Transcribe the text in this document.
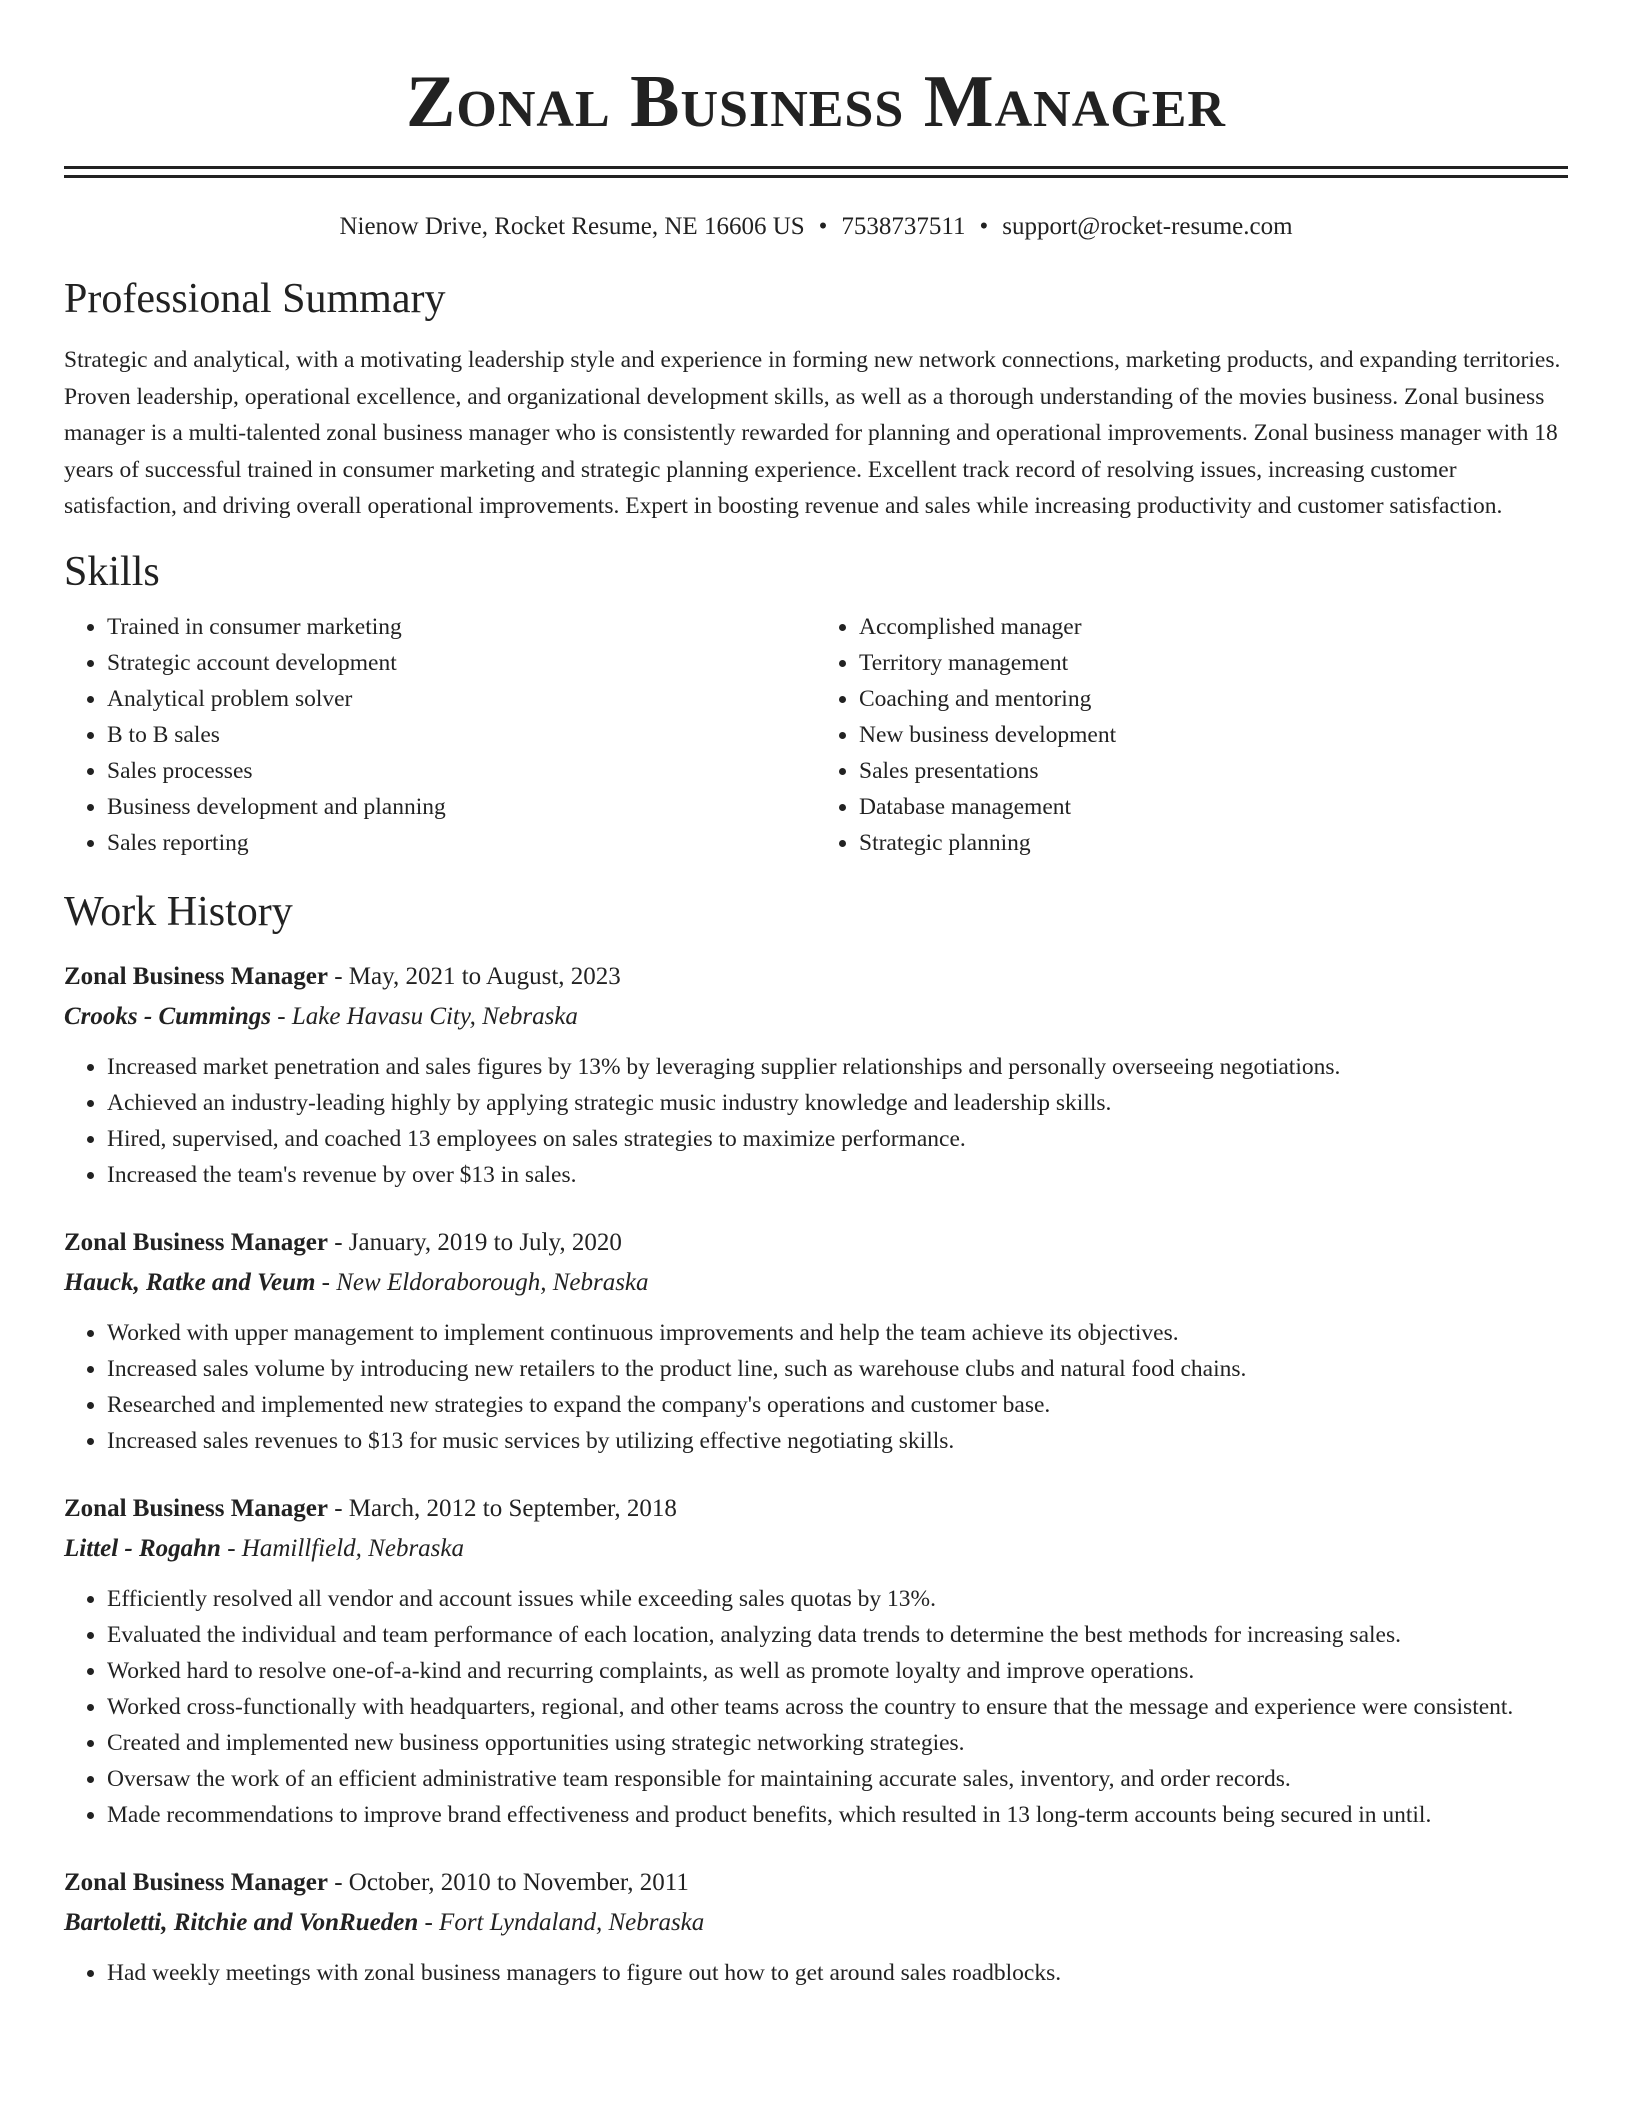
Zonal Business Manager
Nienow Drive, Rocket Resume, NE 16606 US • 7538737511 • support@rocket-resume.com
Professional Summary
Strategic and analytical, with a motivating leadership style and experience in forming new network connections, marketing products, and expanding territories. Proven leadership, operational excellence, and organizational development skills, as well as a thorough understanding of the movies business. Zonal business manager is a multi-talented zonal business manager who is consistently rewarded for planning and operational improvements. Zonal business manager with 18 years of successful trained in consumer marketing and strategic planning experience. Excellent track record of resolving issues, increasing customer satisfaction, and driving overall operational improvements. Expert in boosting revenue and sales while increasing productivity and customer satisfaction.
Skills
• Trained in consumer marketing
• Strategic account development
• Analytical problem solver
• B to B sales
• Sales processes
• Business development and planning
• Sales reporting
• Accomplished manager
• Territory management
• Coaching and mentoring
• New business development
• Sales presentations
• Database management
• Strategic planning
Work History
Zonal Business Manager - May, 2021 to August, 2023
Crooks - Cummings - Lake Havasu City, Nebraska
• Increased market penetration and sales figures by 13% by leveraging supplier relationships and personally overseeing negotiations.
• Achieved an industry-leading highly by applying strategic music industry knowledge and leadership skills.
• Hired, supervised, and coached 13 employees on sales strategies to maximize performance.
• Increased the team's revenue by over $13 in sales.
Zonal Business Manager - January, 2019 to July, 2020
Hauck, Ratke and Veum - New Eldoraborough, Nebraska
• Worked with upper management to implement continuous improvements and help the team achieve its objectives.
• Increased sales volume by introducing new retailers to the product line, such as warehouse clubs and natural food chains.
• Researched and implemented new strategies to expand the company's operations and customer base.
• Increased sales revenues to $13 for music services by utilizing effective negotiating skills.
Zonal Business Manager - March, 2012 to September, 2018
Littel - Rogahn - Hamillfield, Nebraska
• Efficiently resolved all vendor and account issues while exceeding sales quotas by 13%.
• Evaluated the individual and team performance of each location, analyzing data trends to determine the best methods for increasing sales.
• Worked hard to resolve one-of-a-kind and recurring complaints, as well as promote loyalty and improve operations.
• Worked cross-functionally with headquarters, regional, and other teams across the country to ensure that the message and experience were consistent.
• Created and implemented new business opportunities using strategic networking strategies.
• Oversaw the work of an efficient administrative team responsible for maintaining accurate sales, inventory, and order records.
• Made recommendations to improve brand effectiveness and product benefits, which resulted in 13 long-term accounts being secured in until.
Zonal Business Manager - October, 2010 to November, 2011
Bartoletti, Ritchie and VonRueden - Fort Lyndaland, Nebraska
• Had weekly meetings with zonal business managers to figure out how to get around sales roadblocks.
